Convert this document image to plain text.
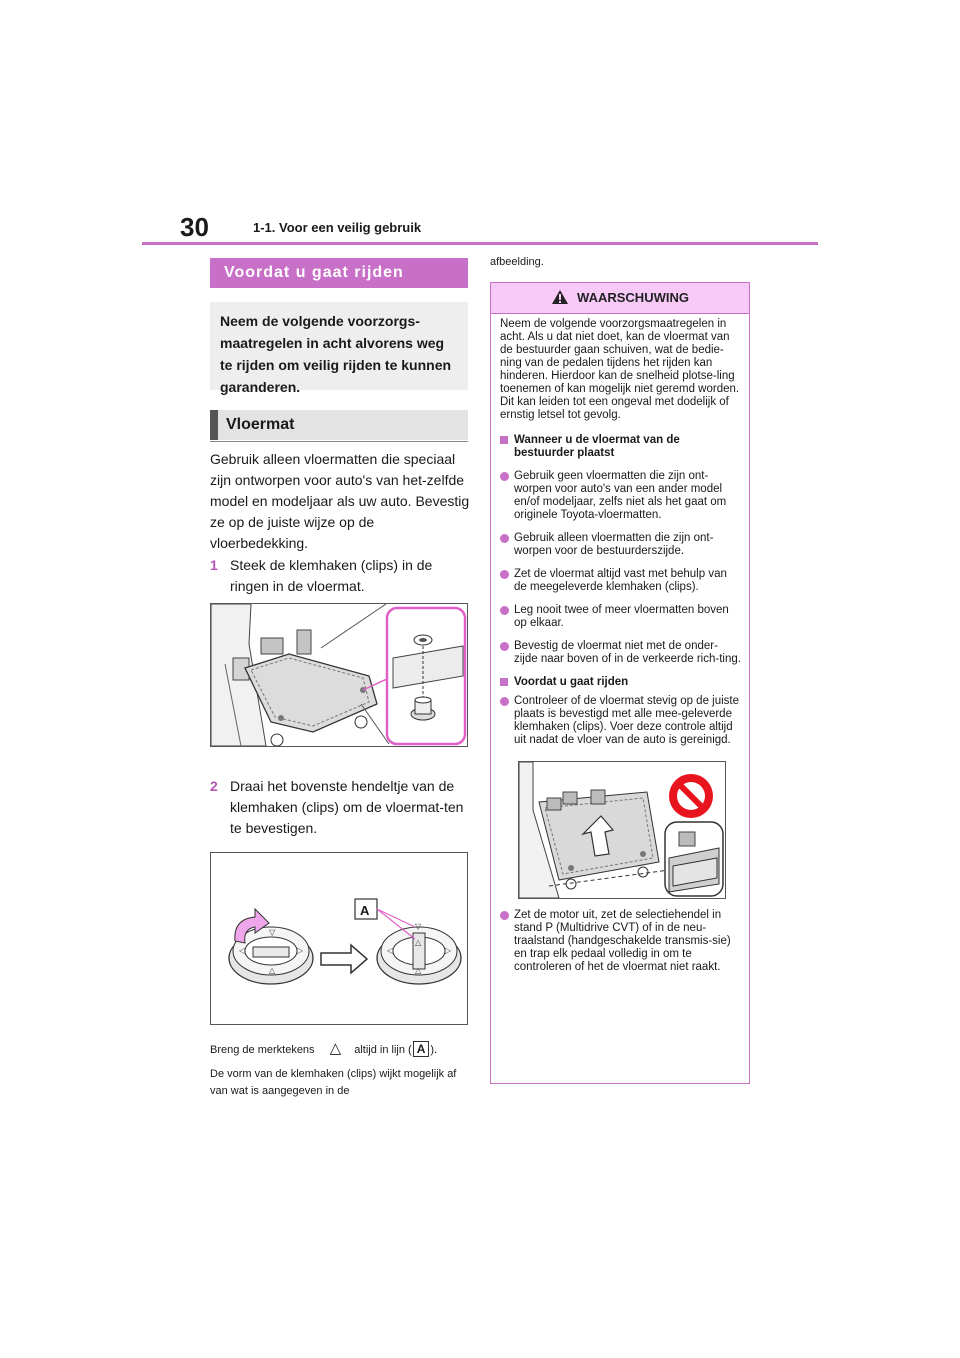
30	1-1. Voor een veilig gebruik
Voordat u gaat rijden
Neem de volgende voorzorgs-maatregelen in acht alvorens weg te rijden om veilig rijden te kunnen garanderen.
Vloermat
Gebruik alleen vloermatten die speciaal zijn ontworpen voor auto's van het-zelfde model en modeljaar als uw auto. Bevestig ze op de juiste wijze op de vloerbedekking.
1 Steek de klemhaken (clips) in de ringen in de vloermat.
2 Draai het bovenste hendeltje van de klemhaken (clips) om de vloermat-ten te bevestigen.
▽
◁	▷
△
▽
△
◁	▷
△
A
Breng de merktekens △ altijd in lijn ( A ).
De vorm van de klemhaken (clips) wijkt mogelijk af van wat is aangegeven in de
afbeelding.
WAARSCHUWING

Neem de volgende voorzorgsmaatregelen in acht. Als u dat niet doet, kan de vloermat van de bestuurder gaan schuiven, wat de bedie-ning van de pedalen tijdens het rijden kan hinderen. Hierdoor kan de snelheid plotse-ling toenemen of kan mogelijk niet geremd worden. Dit kan leiden tot een ongeval met dodelijk of ernstig letsel tot gevolg.

Wanneer u de vloermat van de bestuurder plaatst
Gebruik geen vloermatten die zijn ont-worpen voor auto's van een ander model en/of modeljaar, zelfs niet als het gaat om originele Toyota-vloermatten.
Gebruik alleen vloermatten die zijn ont-worpen voor de bestuurderszijde.
Zet de vloermat altijd vast met behulp van de meegeleverde klemhaken (clips).
Leg nooit twee of meer vloermatten boven op elkaar.
Bevestig de vloermat niet met de onder-zijde naar boven of in de verkeerde rich-ting.
Voordat u gaat rijden
Controleer of de vloermat stevig op de juiste plaats is bevestigd met alle mee-geleverde klemhaken (clips). Voer deze controle altijd uit nadat de vloer van de auto is gereinigd.
Zet de motor uit, zet de selectiehendel in stand P (Multidrive CVT) of in de neu-traalstand (handgeschakelde transmis-sie) en trap elk pedaal volledig in om te controleren of het de vloermat niet raakt.
